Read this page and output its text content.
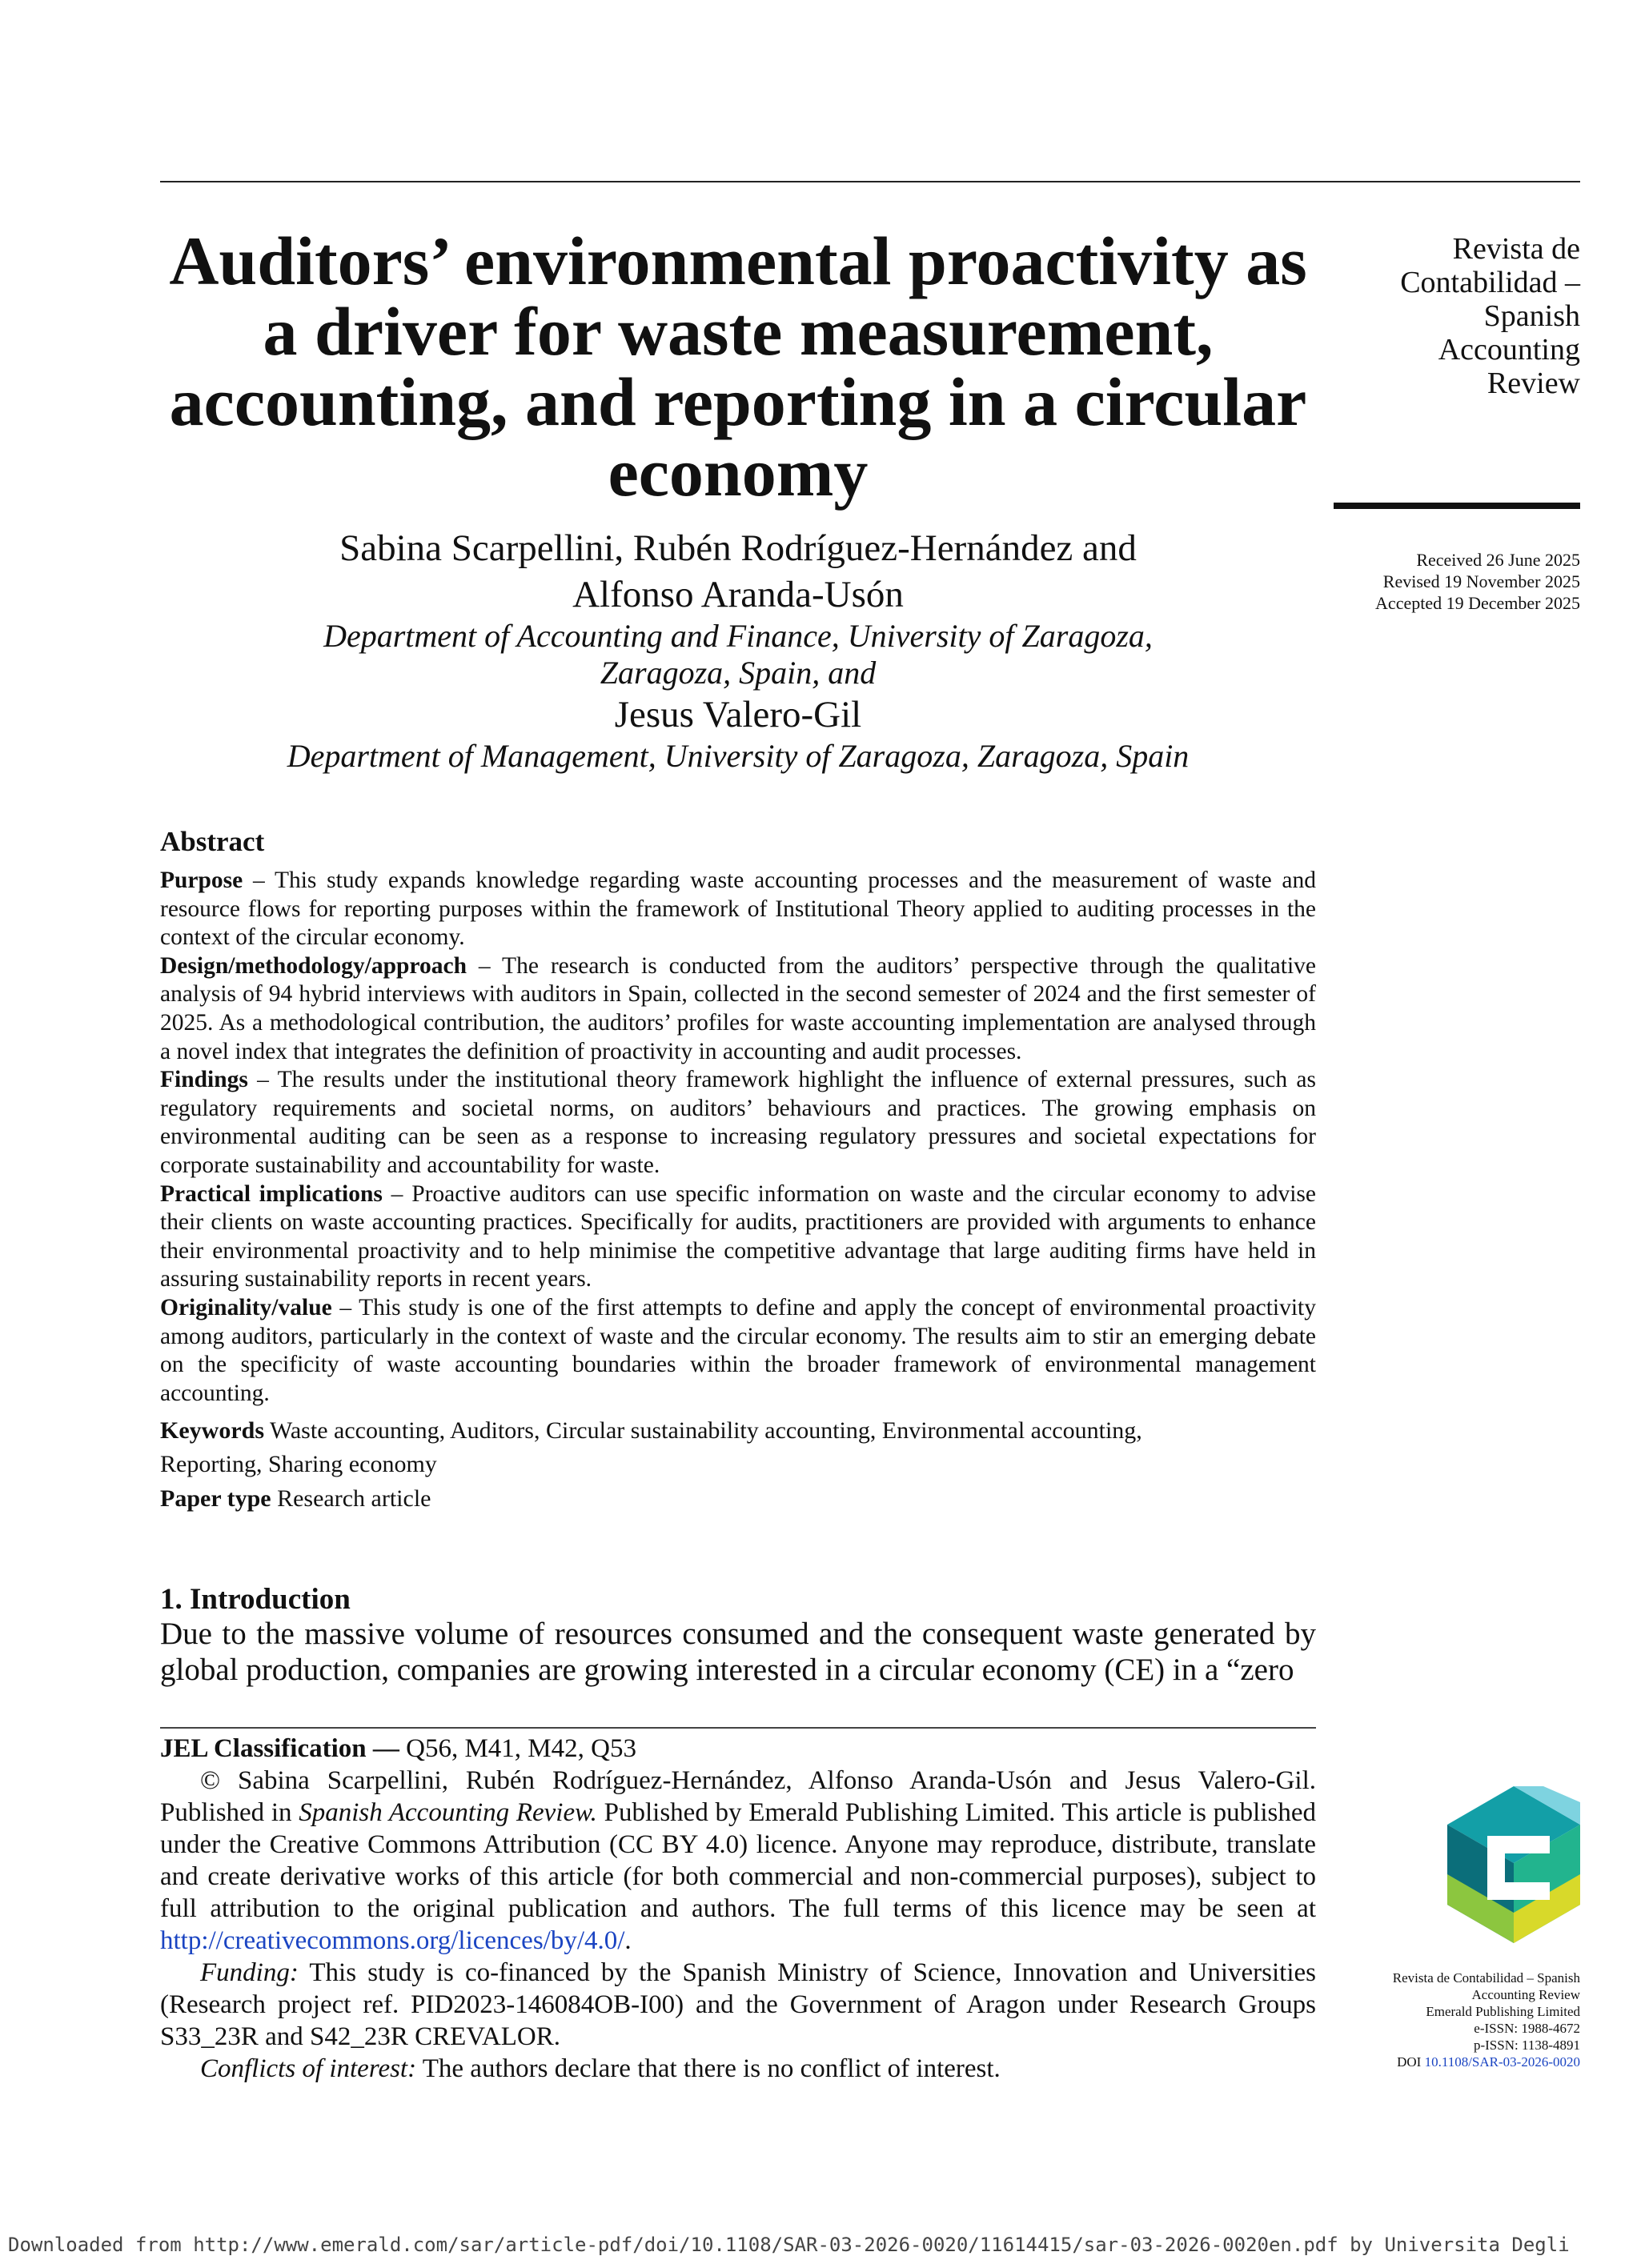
Auditors’ environmental proactivity as a driver for waste measurement, accounting, and reporting in a circular economy
Revista de
Contabilidad –
Spanish
Accounting
Review
Received 26 June 2025
Revised 19 November 2025
Accepted 19 December 2025
Sabina Scarpellini, Rubén Rodríguez-Hernández and
Alfonso Aranda-Usón
Department of Accounting and Finance, University of Zaragoza,
Zaragoza, Spain, and
Jesus Valero-Gil
Department of Management, University of Zaragoza, Zaragoza, Spain
Abstract

Purpose – This study expands knowledge regarding waste accounting processes and the measurement of waste and resource flows for reporting purposes within the framework of Institutional Theory applied to auditing processes in the context of the circular economy.

Design/methodology/approach – The research is conducted from the auditors’ perspective through the qualitative analysis of 94 hybrid interviews with auditors in Spain, collected in the second semester of 2024 and the first semester of 2025. As a methodological contribution, the auditors’ profiles for waste accounting implementation are analysed through a novel index that integrates the definition of proactivity in accounting and audit processes.

Findings – The results under the institutional theory framework highlight the influence of external pressures, such as regulatory requirements and societal norms, on auditors’ behaviours and practices. The growing emphasis on environmental auditing can be seen as a response to increasing regulatory pressures and societal expectations for corporate sustainability and accountability for waste.

Practical implications – Proactive auditors can use specific information on waste and the circular economy to advise their clients on waste accounting practices. Specifically for audits, practitioners are provided with arguments to enhance their environmental proactivity and to help minimise the competitive advantage that large auditing firms have held in assuring sustainability reports in recent years.

Originality/value – This study is one of the first attempts to define and apply the concept of environmental proactivity among auditors, particularly in the context of waste and the circular economy. The results aim to stir an emerging debate on the specificity of waste accounting boundaries within the broader framework of environmental management accounting.

Keywords Waste accounting, Auditors, Circular sustainability accounting, Environmental accounting,
Reporting, Sharing economy
Paper type Research article
1. Introduction

Due to the massive volume of resources consumed and the consequent waste generated by global production, companies are growing interested in a circular economy (CE) in a “zero

JEL Classification — Q56, M41, M42, Q53

© Sabina Scarpellini, Rubén Rodríguez-Hernández, Alfonso Aranda-Usón and Jesus Valero-Gil. Published in Spanish Accounting Review. Published by Emerald Publishing Limited. This article is published under the Creative Commons Attribution (CC BY 4.0) licence. Anyone may reproduce, distribute, translate and create derivative works of this article (for both commercial and non-commercial purposes), subject to full attribution to the original publication and authors. The full terms of this licence may be seen at http://creativecommons.org/licences/by/4.0/.

Funding: This study is co-financed by the Spanish Ministry of Science, Innovation and Universities (Research project ref. PID2023-146084OB-I00) and the Government of Aragon under Research Groups S33_23R and S42_23R CREVALOR.

Conflicts of interest: The authors declare that there is no conflict of interest.

Revista de Contabilidad – Spanish
Accounting Review
Emerald Publishing Limited
e-ISSN: 1988-4672
p-ISSN: 1138-4891
DOI 10.1108/SAR-03-2026-0020
Downloaded from http://www.emerald.com/sar/article-pdf/doi/10.1108/SAR-03-2026-0020/11614415/sar-03-2026-0020en.pdf by Universita Degli
